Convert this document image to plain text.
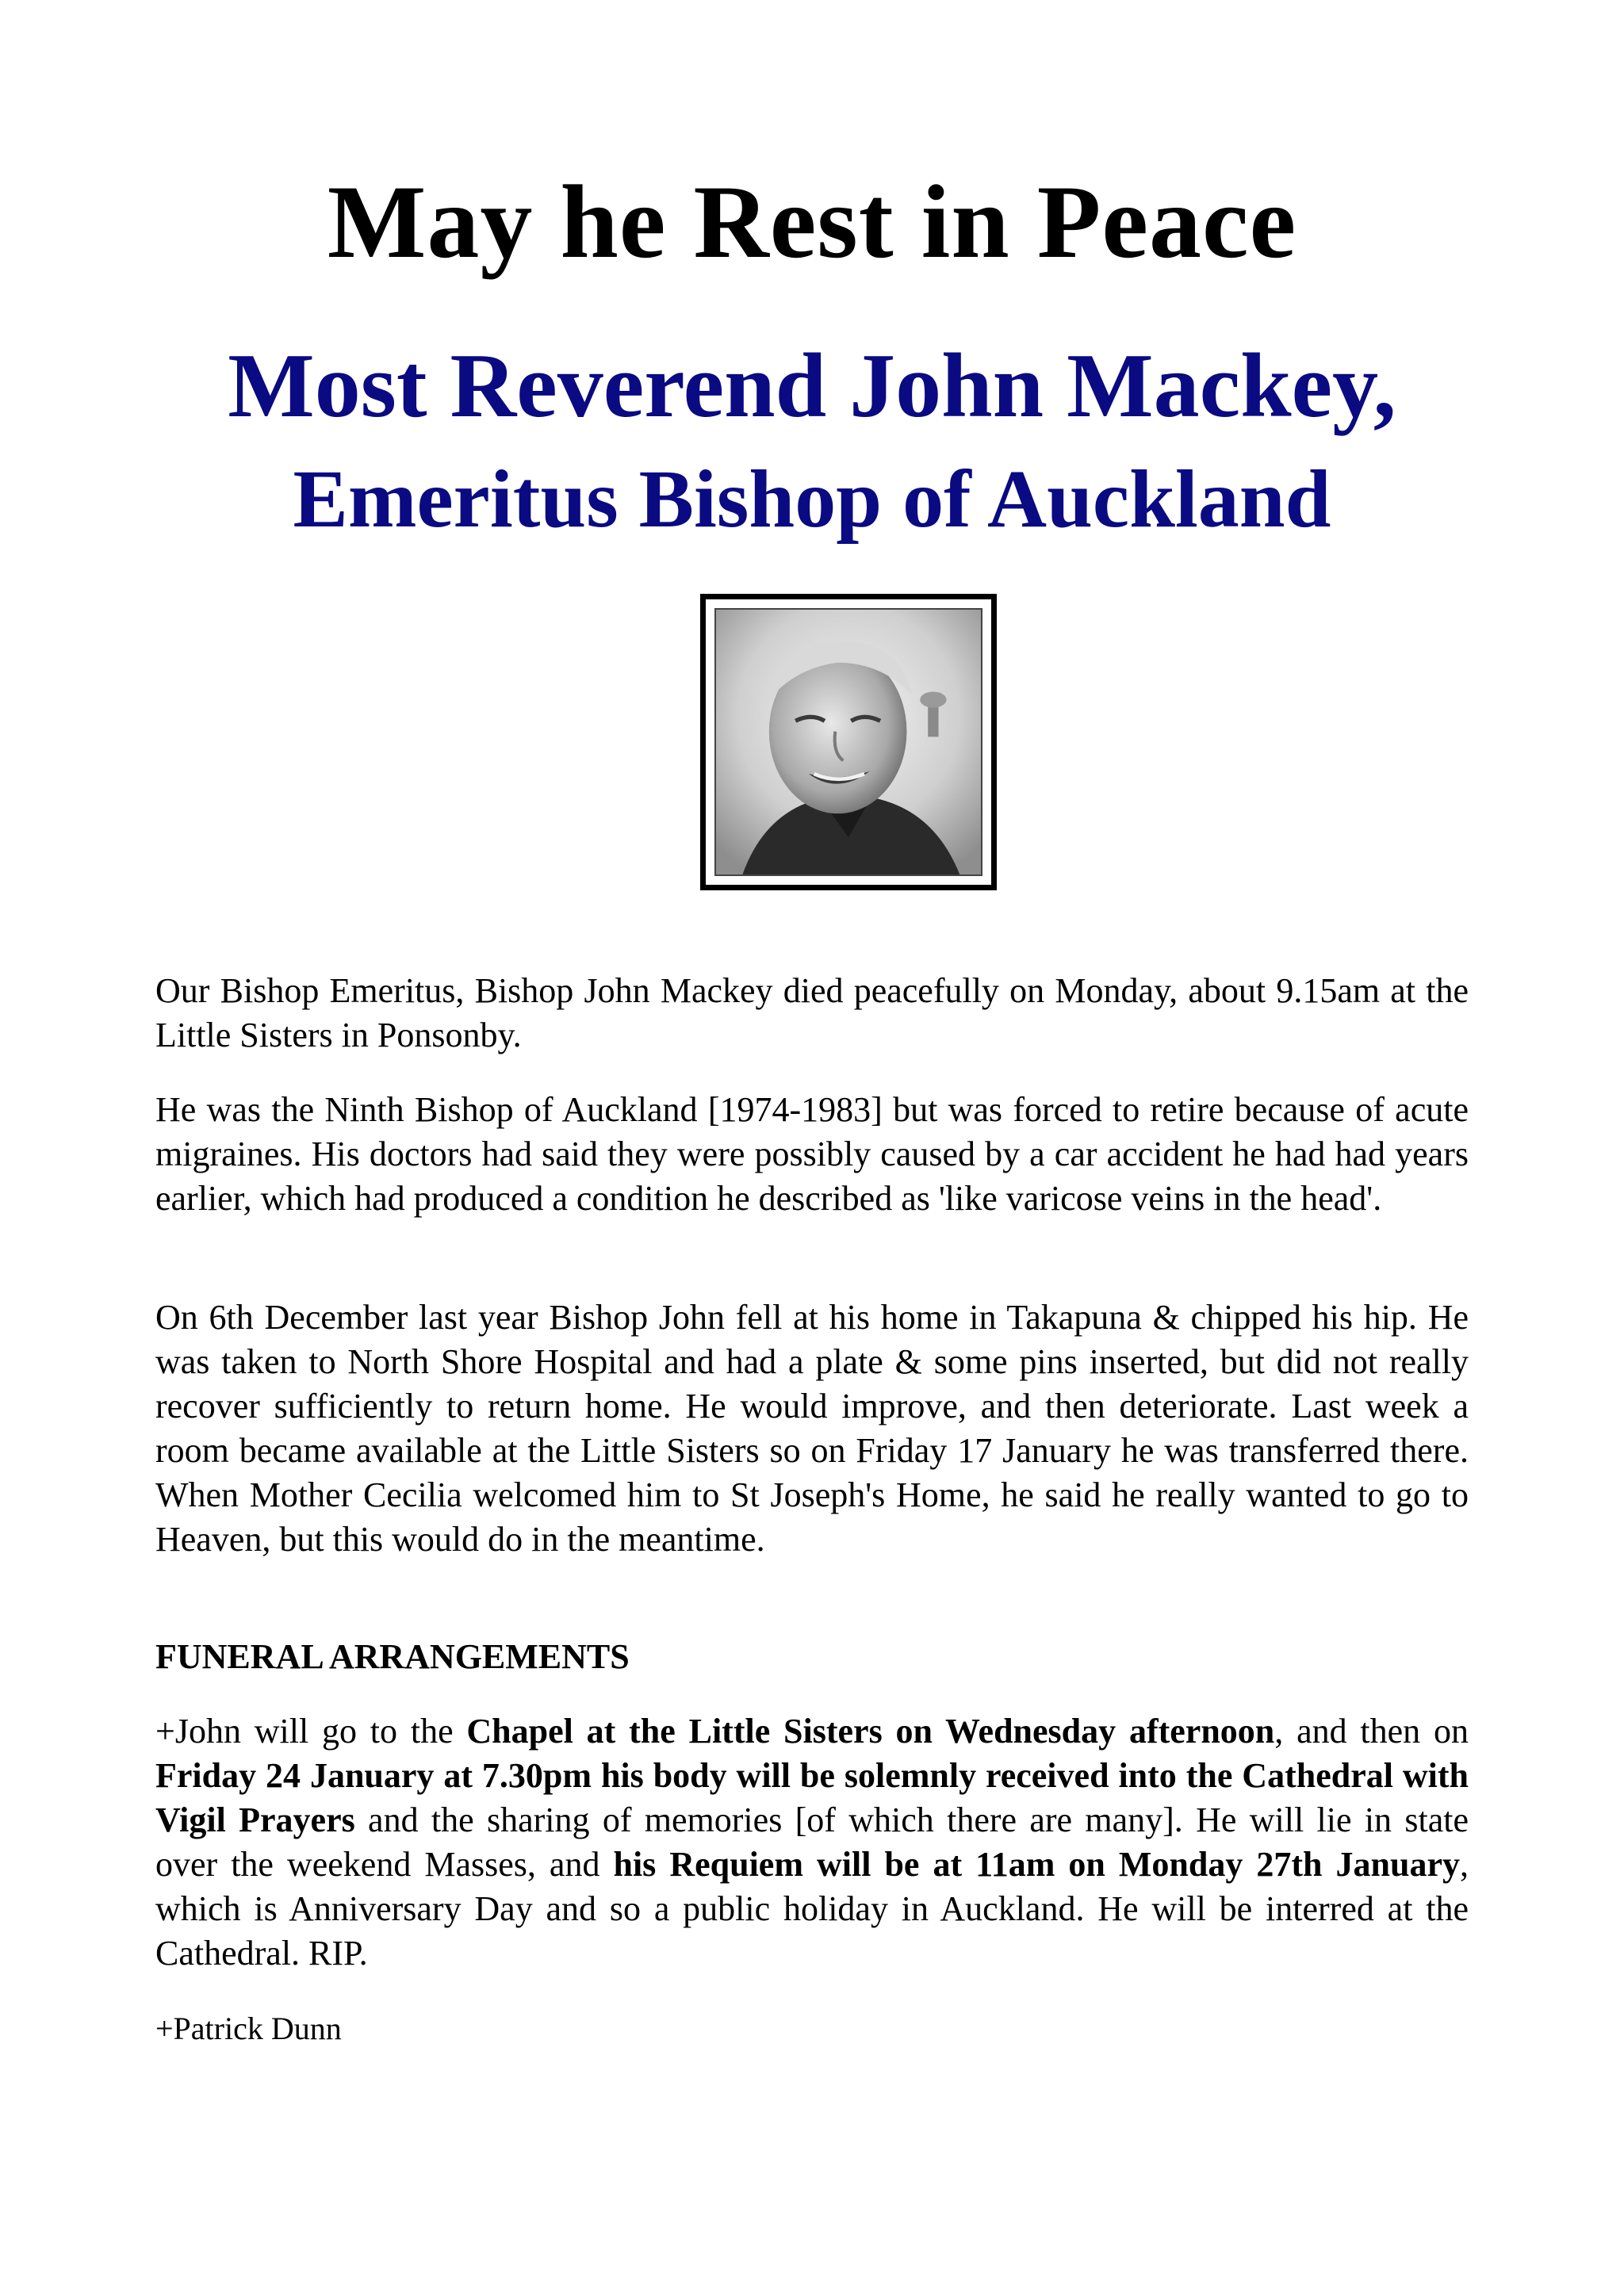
May he Rest in Peace
Most Reverend John Mackey,
Emeritus Bishop of Auckland

Our Bishop Emeritus, Bishop John Mackey died peacefully on Monday, about 9.15am at the Little Sisters in Ponsonby.

He was the Ninth Bishop of Auckland [1974-1983] but was forced to retire because of acute migraines. His doctors had said they were possibly caused by a car accident he had had years earlier, which had produced a condition he described as 'like varicose veins in the head'.

On 6th December last year Bishop John fell at his home in Takapuna & chipped his hip. He was taken to North Shore Hospital and had a plate & some pins inserted, but did not really recover sufficiently to return home. He would improve, and then deteriorate. Last week a room became available at the Little Sisters so on Friday 17 January he was transferred there. When Mother Cecilia welcomed him to St Joseph's Home, he said he really wanted to go to Heaven, but this would do in the meantime.

FUNERAL ARRANGEMENTS

+John will go to the Chapel at the Little Sisters on Wednesday afternoon, and then on Friday 24 January at 7.30pm his body will be solemnly received into the Cathedral with Vigil Prayers and the sharing of memories [of which there are many]. He will lie in state over the weekend Masses, and his Requiem will be at 11am on Monday 27th January, which is Anniversary Day and so a public holiday in Auckland. He will be interred at the Cathedral. RIP.

+Patrick Dunn
